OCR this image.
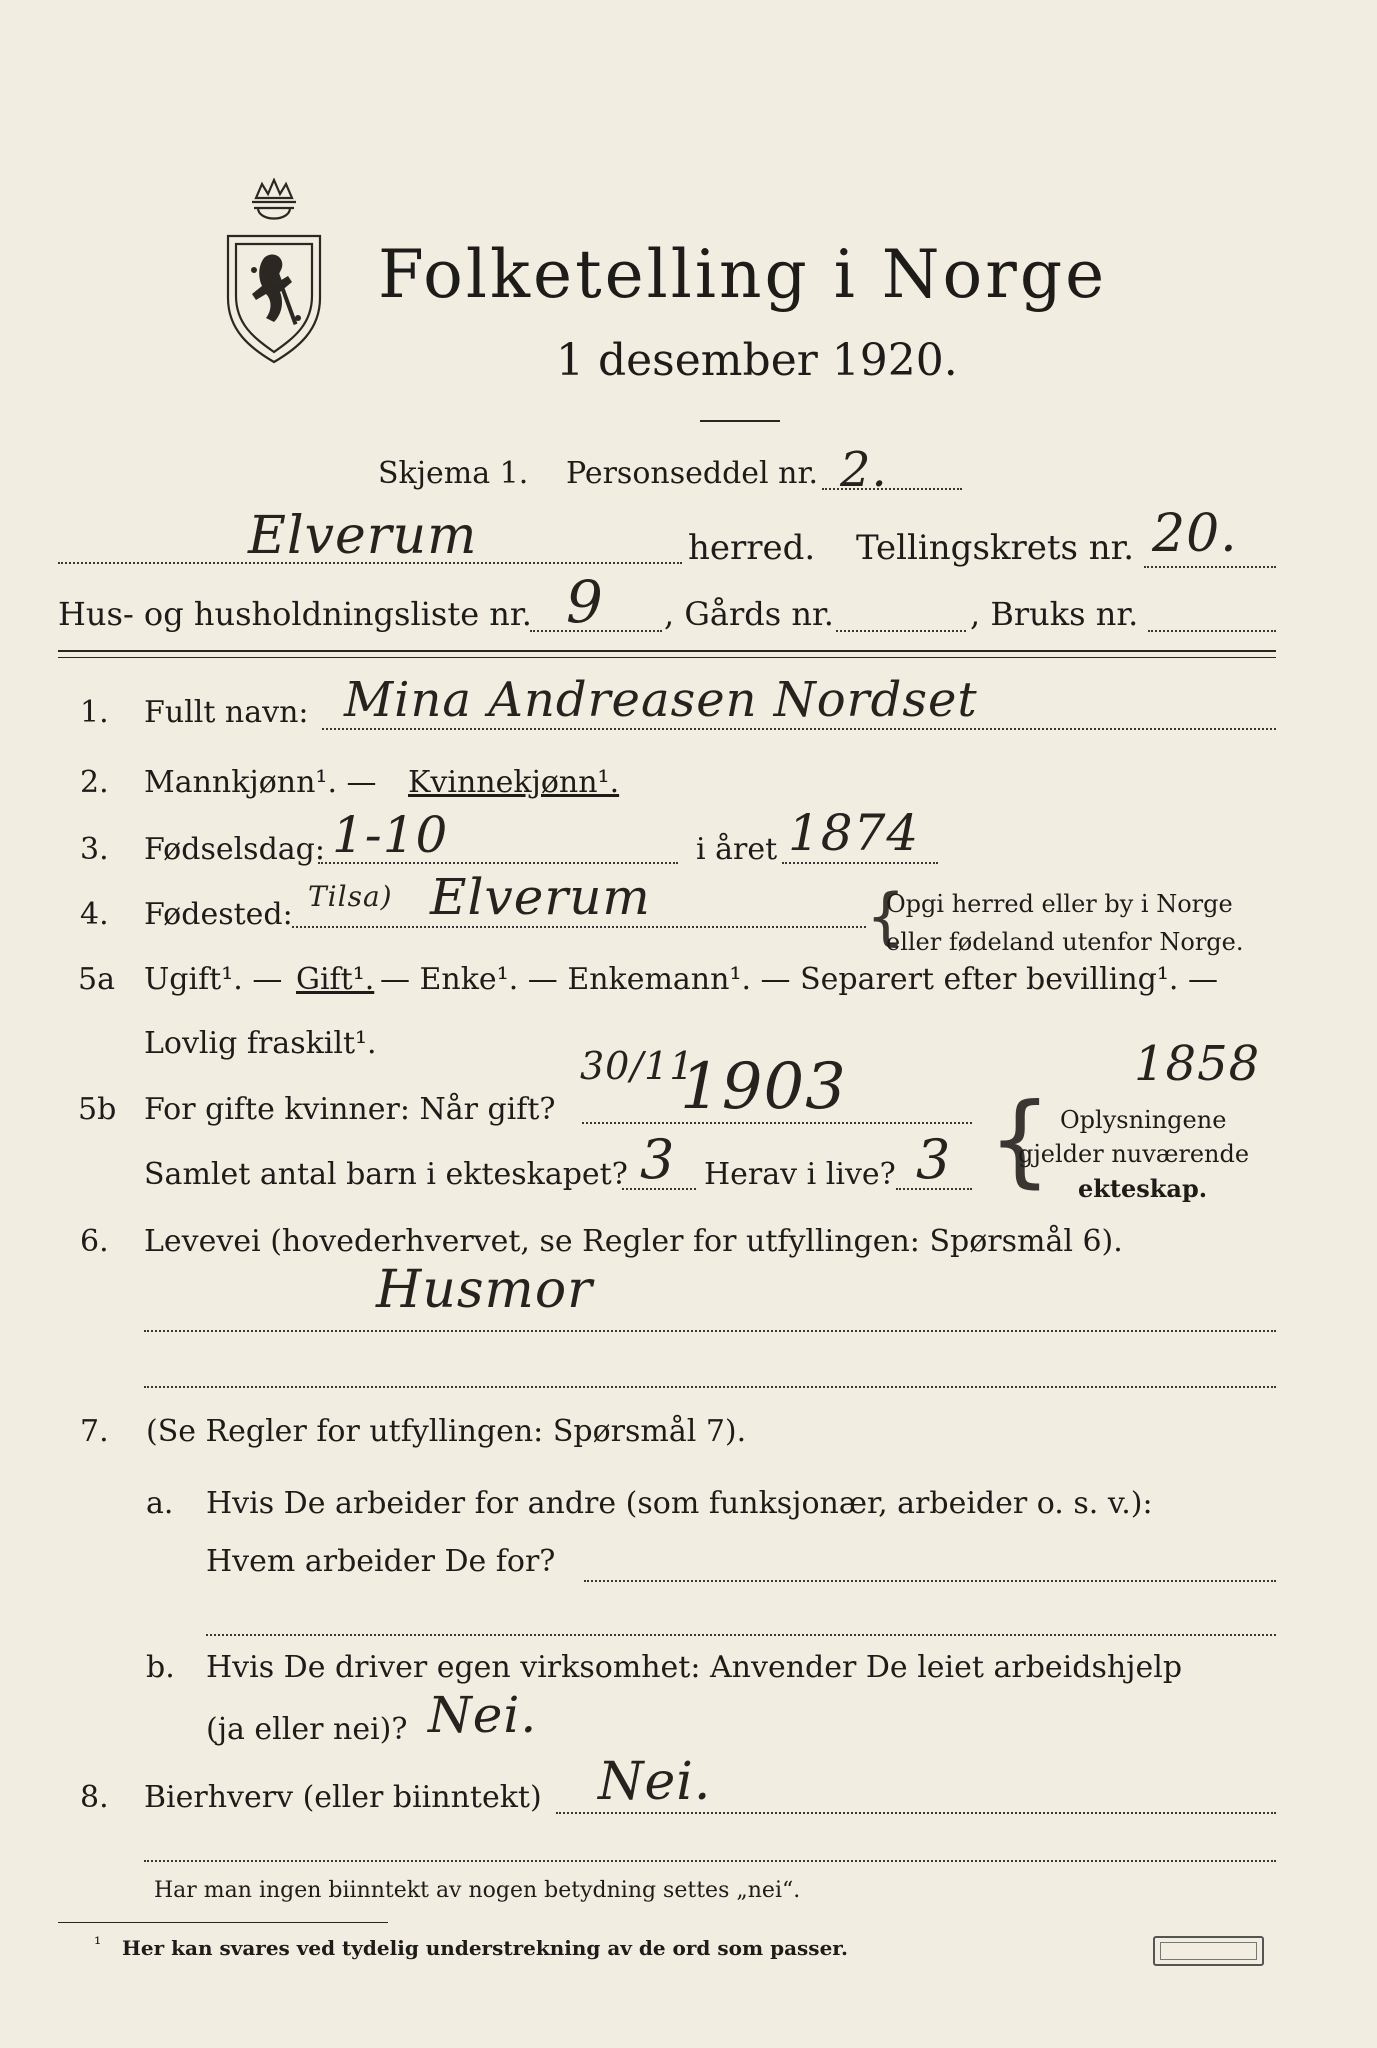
Folketelling i Norge
1 desember 1920.
Skjema 1. Personseddel nr. 2.
Elverum	herred. Tellingskrets nr. 20.
Hus- og husholdningsliste nr. 9 , Gårds nr.	, Bruks nr.
1. Fullt navn: Mina Andreasen Nordset
2. Mannkjønn¹. — Kvinnekjønn¹.
3. Fødselsdag: 1-10	i året 1874
4. Fødested:
Tilsa) Elverum	{
Opgi herred eller by i Norge
eller fødeland utenfor Norge.
5a Ugift¹. — Gift¹. — Enke¹. — Enkemann¹. — Separert efter bevilling¹. —
Lovlig fraskilt¹.
5b For gifte kvinner: Når gift?
30/11
1903	1858
Samlet antal barn i ekteskapet? 3 Herav i live? 3 { Oplysningene
gjelder nuværende
ekteskap.
6. Levevei (hovederhvervet, se Regler for utfyllingen: Spørsmål 6).
Husmor
7. (Se Regler for utfyllingen: Spørsmål 7).
a. Hvis De arbeider for andre (som funksjonær, arbeider o. s. v.):
Hvem arbeider De for?
b. Hvis De driver egen virksomhet: Anvender De leiet arbeidshjelp
(ja eller nei)? Nei.
8. Bierhverv (eller biinntekt) Nei.
Har man ingen biinntekt av nogen betydning settes „nei“.
¹ Her kan svares ved tydelig understrekning av de ord som passer.
